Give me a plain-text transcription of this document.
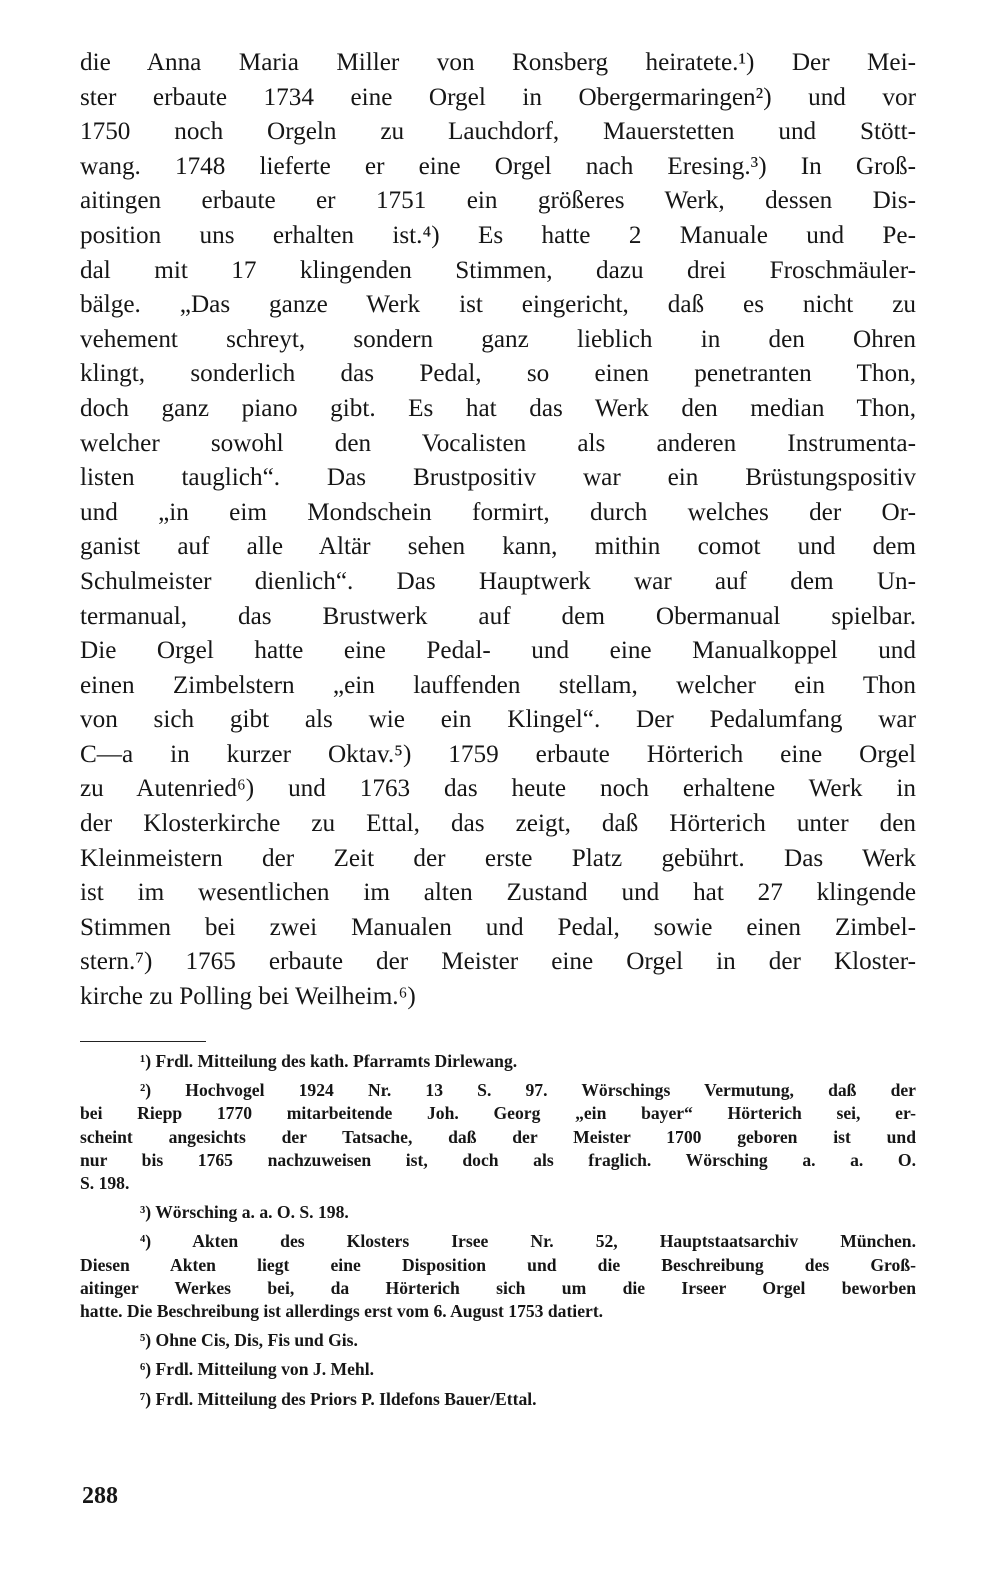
die Anna Maria Miller von Ronsberg heiratete.¹) Der Mei-
ster erbaute 1734 eine Orgel in Obergermaringen²) und vor
1750 noch Orgeln zu Lauchdorf, Mauerstetten und Stött-
wang. 1748 lieferte er eine Orgel nach Eresing.³) In Groß-
aitingen erbaute er 1751 ein größeres Werk, dessen Dis-
position uns erhalten ist.⁴) Es hatte 2 Manuale und Pe-
dal mit 17 klingenden Stimmen, dazu drei Froschmäuler-
bälge. „Das ganze Werk ist eingericht, daß es nicht zu
vehement schreyt, sondern ganz lieblich in den Ohren
klingt, sonderlich das Pedal, so einen penetranten Thon,
doch ganz piano gibt. Es hat das Werk den median Thon,
welcher sowohl den Vocalisten als anderen Instrumenta-
listen tauglich“. Das Brustpositiv war ein Brüstungspositiv
und „in eim Mondschein formirt, durch welches der Or-
ganist auf alle Altär sehen kann, mithin comot und dem
Schulmeister dienlich“. Das Hauptwerk war auf dem Un-
termanual, das Brustwerk auf dem Obermanual spielbar.
Die Orgel hatte eine Pedal- und eine Manualkoppel und
einen Zimbelstern „ein lauffenden stellam, welcher ein Thon
von sich gibt als wie ein Klingel“. Der Pedalumfang war
C—a in kurzer Oktav.⁵) 1759 erbaute Hörterich eine Orgel
zu Autenried⁶) und 1763 das heute noch erhaltene Werk in
der Klosterkirche zu Ettal, das zeigt, daß Hörterich unter den
Kleinmeistern der Zeit der erste Platz gebührt. Das Werk
ist im wesentlichen im alten Zustand und hat 27 klingende
Stimmen bei zwei Manualen und Pedal, sowie einen Zimbel-
stern.⁷) 1765 erbaute der Meister eine Orgel in der Kloster-
kirche zu Polling bei Weilheim.⁶)

¹) Frdl. Mitteilung des kath. Pfarramts Dirlewang.
²) Hochvogel 1924 Nr. 13 S. 97. Wörschings Vermutung, daß der
bei Riepp 1770 mitarbeitende Joh. Georg „ein bayer“ Hörterich sei, er-
scheint angesichts der Tatsache, daß der Meister 1700 geboren ist und
nur bis 1765 nachzuweisen ist, doch als fraglich. Wörsching a. a. O.
S. 198.
³) Wörsching a. a. O. S. 198.
⁴) Akten des Klosters Irsee Nr. 52, Hauptstaatsarchiv München.
Diesen Akten liegt eine Disposition und die Beschreibung des Groß-
aitinger Werkes bei, da Hörterich sich um die Irseer Orgel beworben
hatte. Die Beschreibung ist allerdings erst vom 6. August 1753 datiert.
⁵) Ohne Cis, Dis, Fis und Gis.
⁶) Frdl. Mitteilung von J. Mehl.
⁷) Frdl. Mitteilung des Priors P. Ildefons Bauer/Ettal.
288
